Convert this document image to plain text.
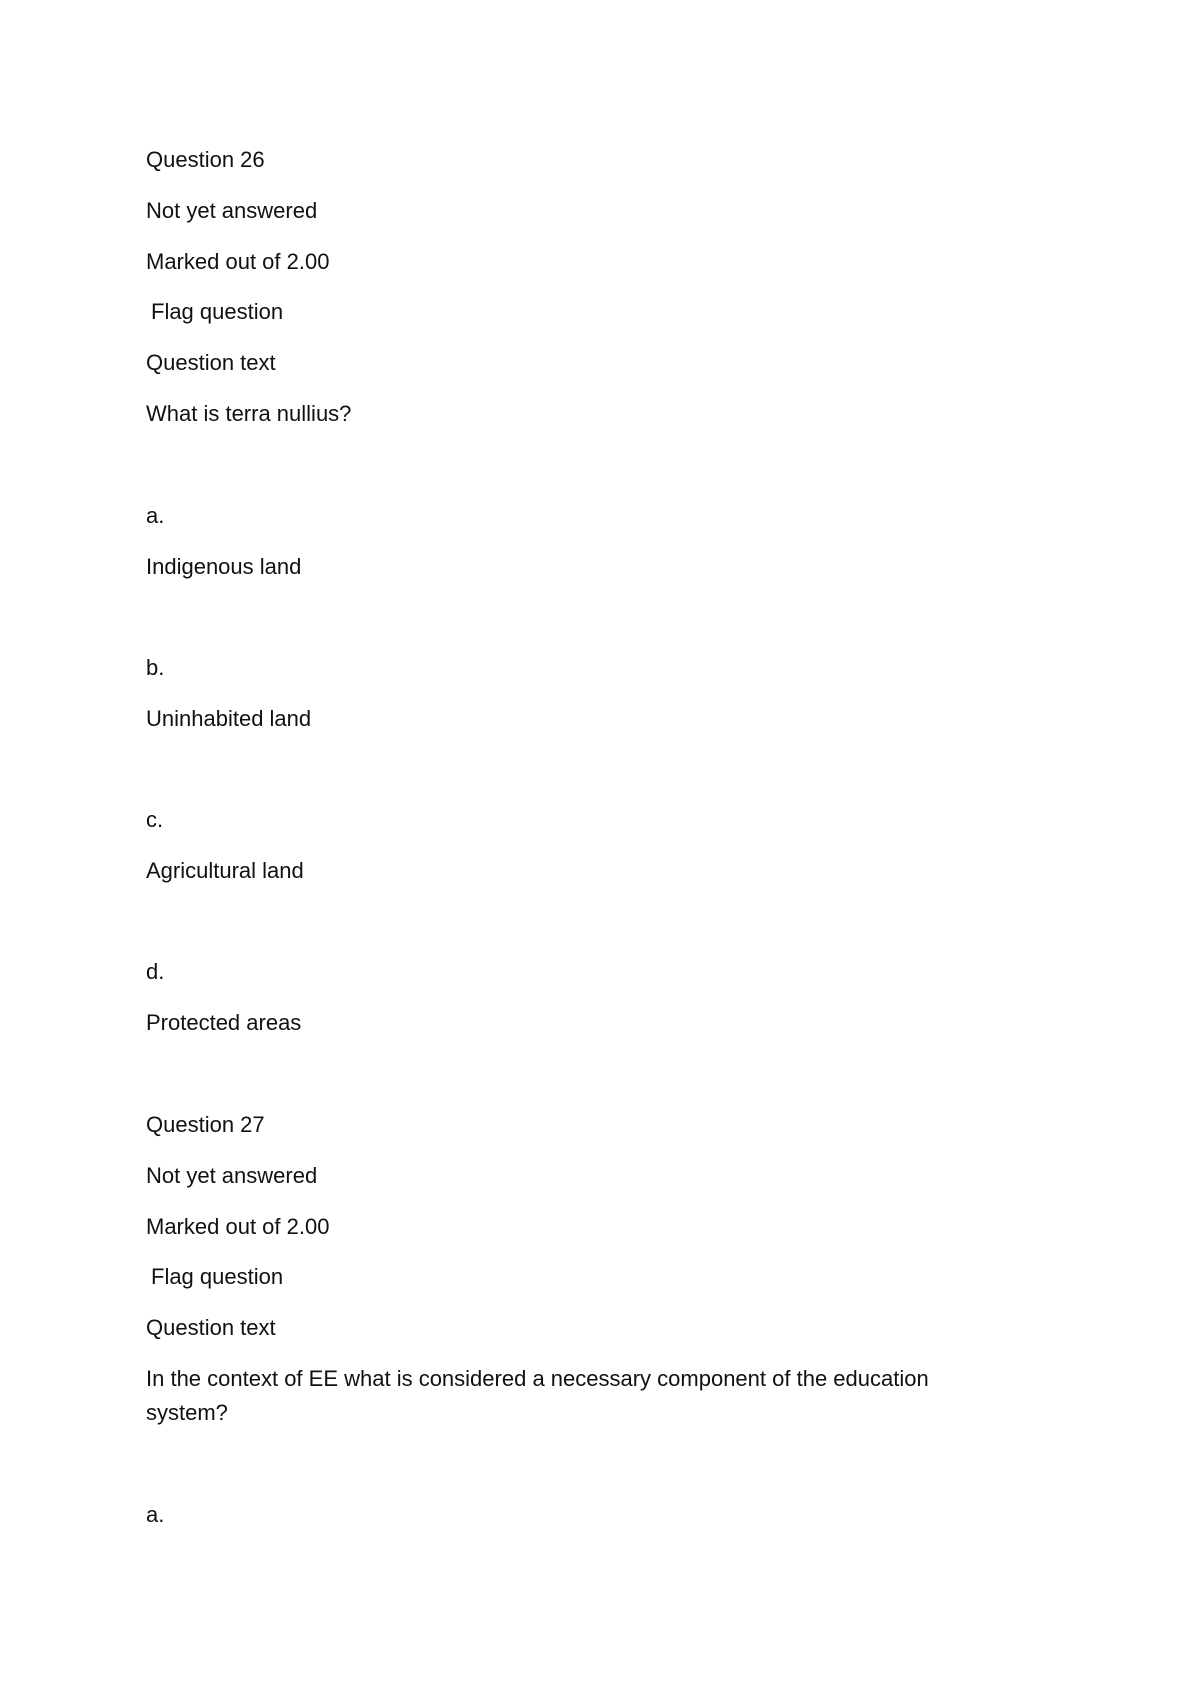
Question 26
Not yet answered
Marked out of 2.00
Flag question
Question text
What is terra nullius?
a.
Indigenous land
b.
Uninhabited land
c.
Agricultural land
d.
Protected areas
Question 27
Not yet answered
Marked out of 2.00
Flag question
Question text
In the context of EE what is considered a necessary component of the education system?
a.
